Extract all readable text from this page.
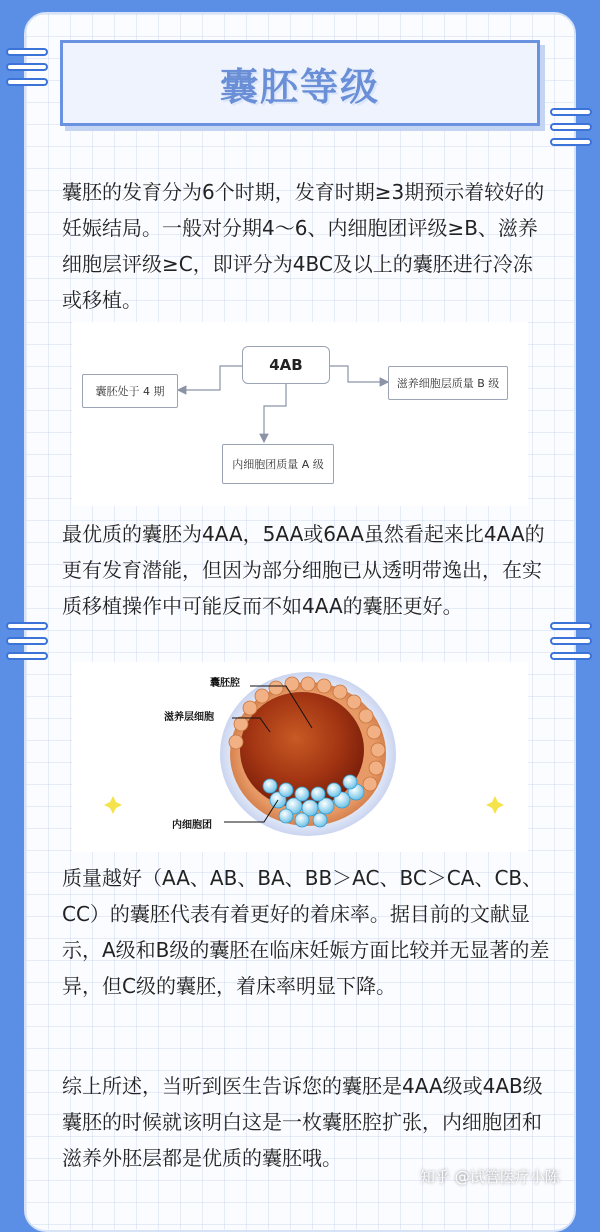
囊胚等级

囊胚的发育分为6个时期，发育时期≥3期预示着较好的妊娠结局。一般对分期4～6、内细胞团评级≥B、滋养细胞层评级≥C，即评分为4BC及以上的囊胚进行冷冻或移植。

4AB
囊胚处于 4 期
滋养细胞层质量 B 级
内细胞团质量 A 级

最优质的囊胚为4AA，5AA或6AA虽然看起来比4AA的更有发育潜能，但因为部分细胞已从透明带逸出，在实质移植操作中可能反而不如4AA的囊胚更好。

囊胚腔
滋养层细胞
内细胞团

质量越好（AA、AB、BA、BB＞AC、BC＞CA、CB、CC）的囊胚代表有着更好的着床率。据目前的文献显示，A级和B级的囊胚在临床妊娠方面比较并无显著的差异，但C级的囊胚，着床率明显下降。

综上所述，当听到医生告诉您的囊胚是4AA级或4AB级囊胚的时候就该明白这是一枚囊胚腔扩张，内细胞团和滋养外胚层都是优质的囊胚哦。

知乎 @试管医疗小陈
